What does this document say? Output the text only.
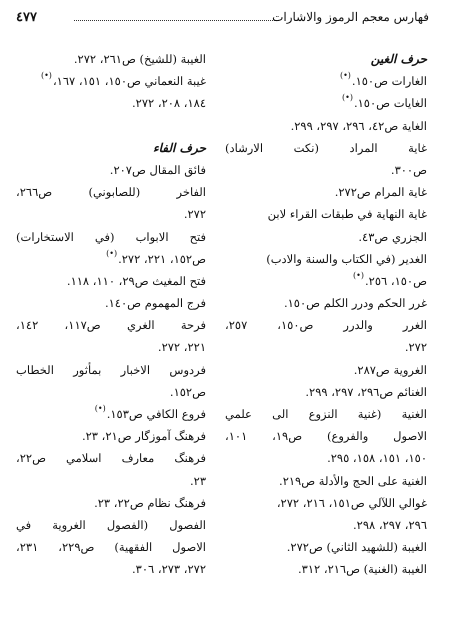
٤٧٧	فهارس معجم الرموز والاشارات
حرف الغين
الغارات ص١٥٠.(•)
الغايات ص١٥٠.(•)
الغاية ص٤٢، ٢٩٦، ٢٩٧، ٢٩٩.
غاية المراد (نكت الارشاد)
ص٣٠٠.
غاية المرام ص٢٧٢.
غاية النهاية في طبقات القراء لابن
الجزري ص٤٣.
الغدير (في الكتاب والسنة والادب)
ص١٥٠، ٢٥٦.(•)
غرر الحكم ودرر الكلم ص١٥٠.
الغرر والدرر ص١٥٠، ٢٥٧،
٢٧٢.
الغروية ص٢٨٧.
الغنائم ص٢٩٦، ٢٩٧، ٢٩٩.
الغنية (غنية النزوع الى علمي
الاصول والفروع) ص١٩، ١٠١،
١٥٠، ١٥١، ١٥٨، ٢٩٥.
الغنية على الحج والأدلة ص٢١٩.
غوالي اللآلي ص١٥١، ٢١٦، ٢٧٢،
٢٩٦، ٢٩٧، ٢٩٨.
الغيبة (للشهيد الثاني) ص٢٧٢.
الغيبة (الغنية) ص٢١٦، ٣١٢.
الغيبة (للشيخ) ص٢٦١، ٢٧٢.
غيبة النعماني ص١٥٠، ١٥١، ١٦٧،(•)
١٨٤، ٢٠٨، ٢٧٢.
حرف الفاء
فائق المقال ص٢٠٧.
الفاخر (للصابوني) ص٢٦٦،
٢٧٢.
فتح الابواب (في الاستخارات)
ص١٥٢، ٢٢١، ٢٧٢.(•)
فتح المغيث ص٢٩، ١١٠، ١١٨.
فرج المهموم ص١٤٠.
فرحة الغري ص١١٧، ١٤٢،
٢٢١، ٢٧٢.
فردوس الاخبار بمأثور الخطاب
ص١٥٢.
فروع الكافي ص١٥٣.(•)
فرهنگ آموزگار ص٢١، ٢٣.
فرهنگ معارف اسلامي ص٢٢،
٢٣.
فرهنگ نظام ص٢٢، ٢٣.
الفصول (الفصول الغروية في
الاصول الفقهية) ص٢٢٩، ٢٣١،
٢٧٢، ٢٧٣، ٣٠٦.
